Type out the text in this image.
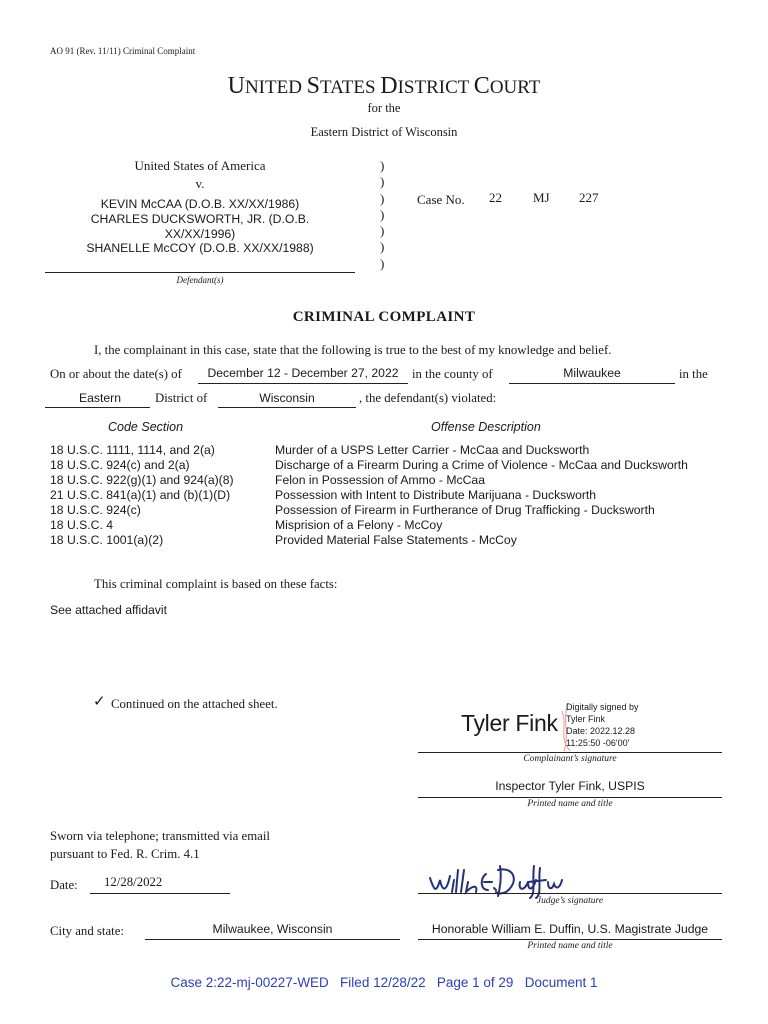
AO 91 (Rev. 11/11) Criminal Complaint
UNITED STATES DISTRICT COURT
for the
Eastern District of Wisconsin
United States of America
v.
KEVIN McCAA (D.O.B. XX/XX/1986)
CHARLES DUCKSWORTH, JR. (D.O.B.
XX/XX/1996)
SHANELLE McCOY (D.O.B. XX/XX/1988)
Defendant(s)
)
)
)
)
)
)
)
Case No. 22 MJ 227
CRIMINAL COMPLAINT
I, the complainant in this case, state that the following is true to the best of my knowledge and belief.
On or about the date(s) of	December 12 - December 27, 2022	in the county of	Milwaukee	in the
Eastern	District of	Wisconsin	, the defendant(s) violated:
Code Section	Offense Description
18 U.S.C. 1111, 1114, and 2(a)	Murder of a USPS Letter Carrier - McCaa and Ducksworth
18 U.S.C. 924(c) and 2(a)	Discharge of a Firearm During a Crime of Violence - McCaa and Ducksworth
18 U.S.C. 922(g)(1) and 924(a)(8)	Felon in Possession of Ammo - McCaa
21 U.S.C. 841(a)(1) and (b)(1)(D)	Possession with Intent to Distribute Marijuana - Ducksworth
18 U.S.C. 924(c)	Possession of Firearm in Furtherance of Drug Trafficking - Ducksworth
18 U.S.C. 4	Misprision of a Felony - McCoy
18 U.S.C. 1001(a)(2)	Provided Material False Statements - McCoy
This criminal complaint is based on these facts:
See attached affidavit
✓ Continued on the attached sheet.
Tyler Fink
Digitally signed by
Tyler Fink
Date: 2022.12.28
11:25:50 -06'00'
Complainant’s signature
Inspector Tyler Fink, USPIS
Printed name and title
Sworn via telephone; transmitted via email
pursuant to Fed. R. Crim. 4.1
Date: 12/28/2022
Judge’s signature
City and state:	Milwaukee, Wisconsin	Honorable William E. Duffin, U.S. Magistrate Judge
Printed name and title
Case 2:22-mj-00227-WED   Filed 12/28/22   Page 1 of 29   Document 1
